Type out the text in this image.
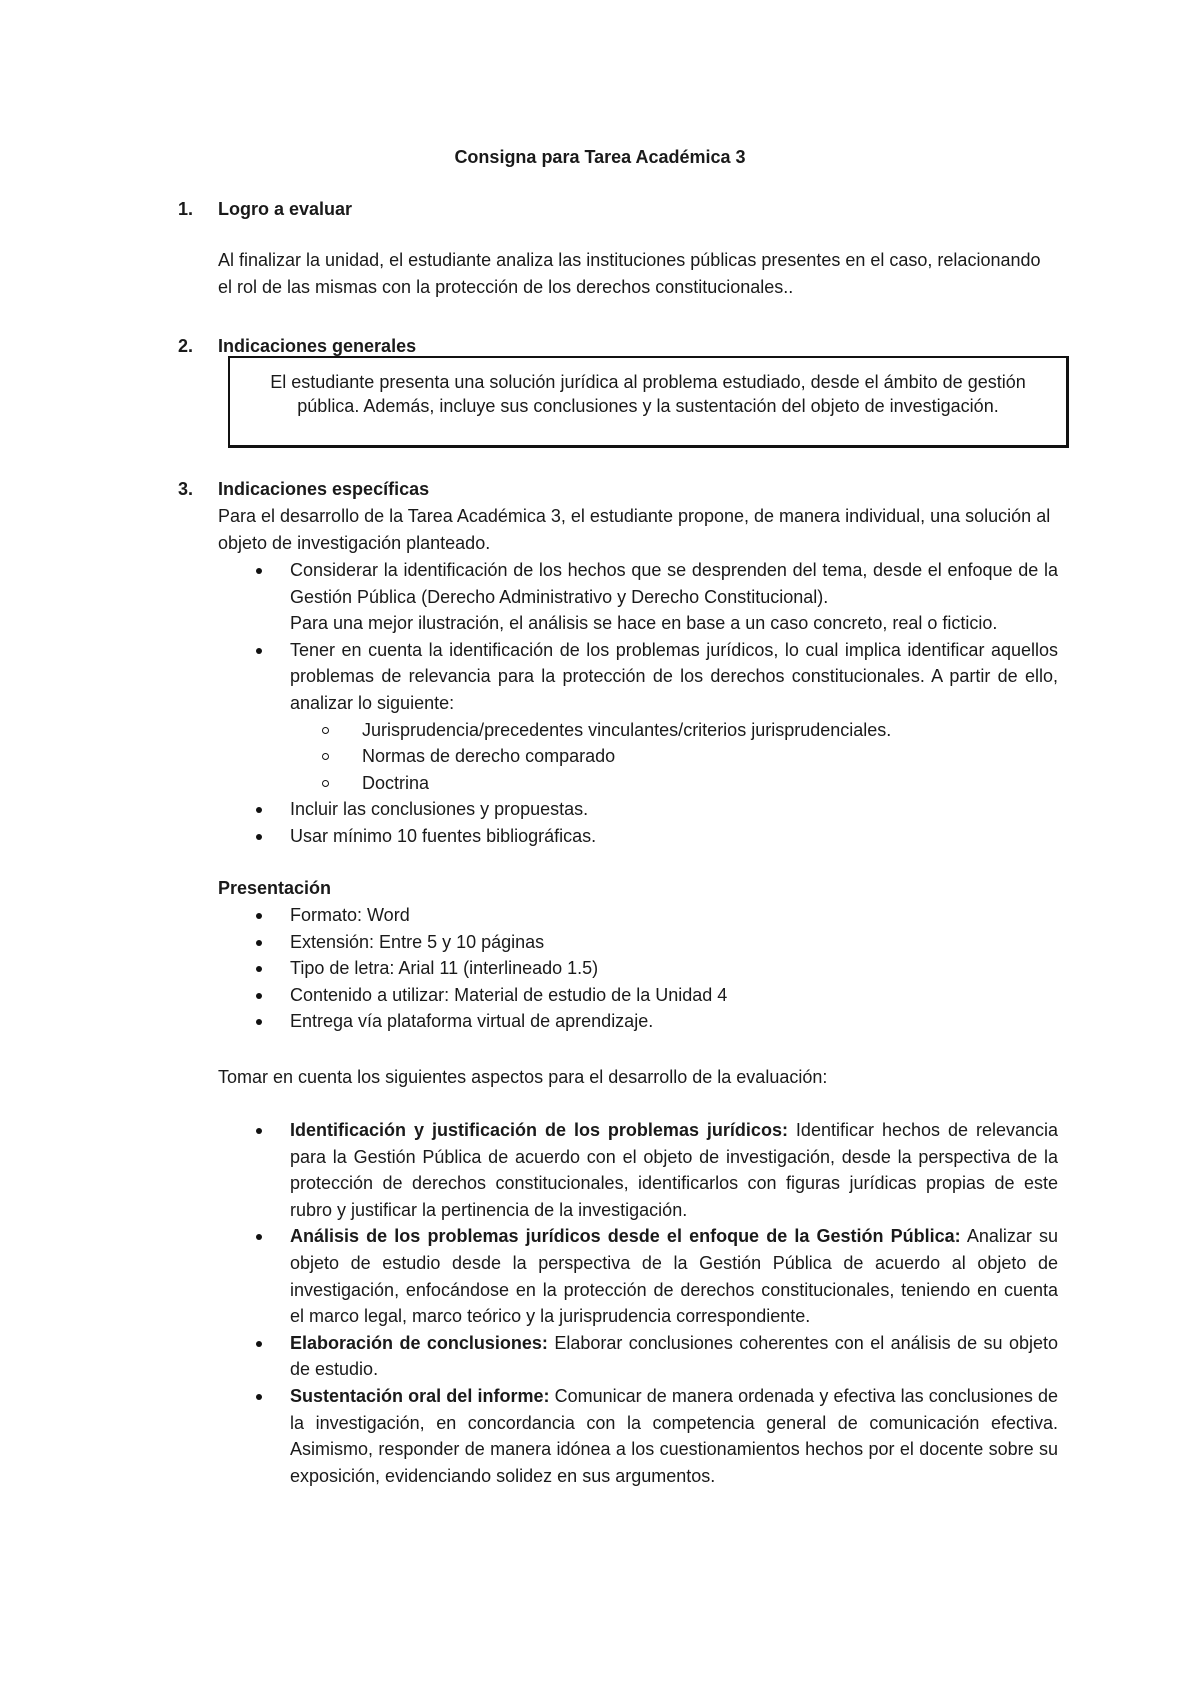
Consigna para Tarea Académica 3
1. Logro a evaluar
Al finalizar la unidad, el estudiante analiza las instituciones públicas presentes en el caso, relacionando el rol de las mismas con la protección de los derechos constitucionales..
2. Indicaciones generales
El estudiante presenta una solución jurídica al problema estudiado, desde el ámbito de gestión pública. Además, incluye sus conclusiones y la sustentación del objeto de investigación.
3. Indicaciones específicas
Para el desarrollo de la Tarea Académica 3, el estudiante propone, de manera individual, una solución al objeto de investigación planteado.
Considerar la identificación de los hechos que se desprenden del tema, desde el enfoque de la Gestión Pública (Derecho Administrativo y Derecho Constitucional).
Para una mejor ilustración, el análisis se hace en base a un caso concreto, real o ficticio.
Tener en cuenta la identificación de los problemas jurídicos, lo cual implica identificar aquellos problemas de relevancia para la protección de los derechos constitucionales. A partir de ello, analizar lo siguiente:
Jurisprudencia/precedentes vinculantes/criterios jurisprudenciales.
Normas de derecho comparado
Doctrina
Incluir las conclusiones y propuestas.
Usar mínimo 10 fuentes bibliográficas.
Presentación
Formato: Word
Extensión: Entre 5 y 10 páginas
Tipo de letra: Arial 11 (interlineado 1.5)
Contenido a utilizar: Material de estudio de la Unidad 4
Entrega vía plataforma virtual de aprendizaje.
Tomar en cuenta los siguientes aspectos para el desarrollo de la evaluación:
Identificación y justificación de los problemas jurídicos: Identificar hechos de relevancia para la Gestión Pública de acuerdo con el objeto de investigación, desde la perspectiva de la protección de derechos constitucionales, identificarlos con figuras jurídicas propias de este rubro y justificar la pertinencia de la investigación.
Análisis de los problemas jurídicos desde el enfoque de la Gestión Pública: Analizar su objeto de estudio desde la perspectiva de la Gestión Pública de acuerdo al objeto de investigación, enfocándose en la protección de derechos constitucionales, teniendo en cuenta el marco legal, marco teórico y la jurisprudencia correspondiente.
Elaboración de conclusiones: Elaborar conclusiones coherentes con el análisis de su objeto de estudio.
Sustentación oral del informe: Comunicar de manera ordenada y efectiva las conclusiones de la investigación, en concordancia con la competencia general de comunicación efectiva. Asimismo, responder de manera idónea a los cuestionamientos hechos por el docente sobre su exposición, evidenciando solidez en sus argumentos.
